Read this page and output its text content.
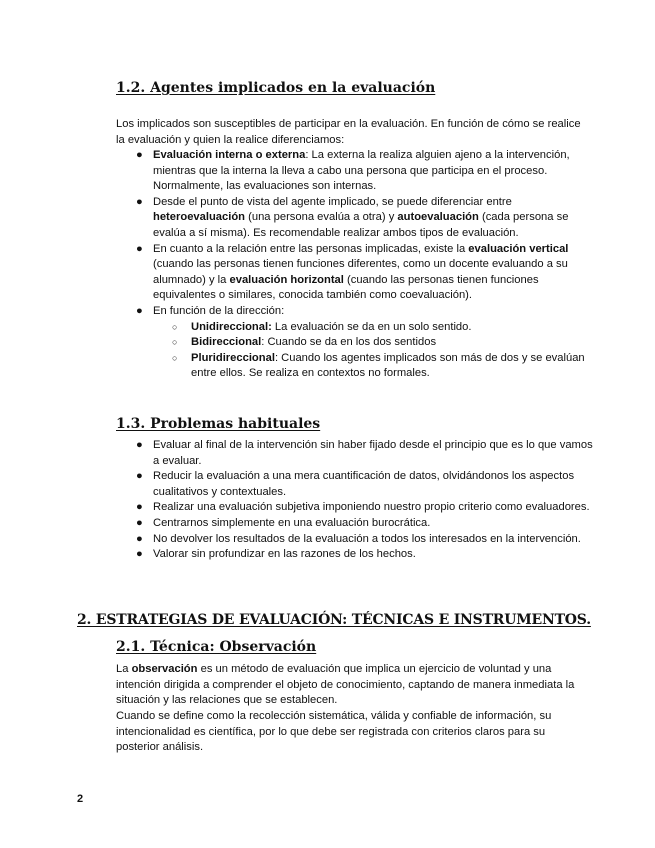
1.2. Agentes implicados en la evaluación

Los implicados son susceptibles de participar en la evaluación. En función de cómo se realice la evaluación y quien la realice diferenciamos:

● Evaluación interna o externa: La externa la realiza alguien ajeno a la intervención, mientras que la interna la lleva a cabo una persona que participa en el proceso. Normalmente, las evaluaciones son internas.
● Desde el punto de vista del agente implicado, se puede diferenciar entre heteroevaluación (una persona evalúa a otra) y autoevaluación (cada persona se evalúa a sí misma). Es recomendable realizar ambos tipos de evaluación.
● En cuanto a la relación entre las personas implicadas, existe la evaluación vertical (cuando las personas tienen funciones diferentes, como un docente evaluando a su alumnado) y la evaluación horizontal (cuando las personas tienen funciones equivalentes o similares, conocida también como coevaluación).
● En función de la dirección:
○ Unidireccional: La evaluación se da en un solo sentido.
○ Bidireccional: Cuando se da en los dos sentidos
○ Pluridireccional: Cuando los agentes implicados son más de dos y se evalúan entre ellos. Se realiza en contextos no formales.
1.3. Problemas habituales
● Evaluar al final de la intervención sin haber fijado desde el principio que es lo que vamos a evaluar.
● Reducir la evaluación a una mera cuantificación de datos, olvidándonos los aspectos cualitativos y contextuales.
● Realizar una evaluación subjetiva imponiendo nuestro propio criterio como evaluadores.
● Centrarnos simplemente en una evaluación burocrática.
● No devolver los resultados de la evaluación a todos los interesados en la intervención.
● Valorar sin profundizar en las razones de los hechos.
2. ESTRATEGIAS DE EVALUACIÓN: TÉCNICAS E INSTRUMENTOS.
2.1. Técnica: Observación

La observación es un método de evaluación que implica un ejercicio de voluntad y una intención dirigida a comprender el objeto de conocimiento, captando de manera inmediata la situación y las relaciones que se establecen.

Cuando se define como la recolección sistemática, válida y confiable de información, su intencionalidad es científica, por lo que debe ser registrada con criterios claros para su posterior análisis.

2
